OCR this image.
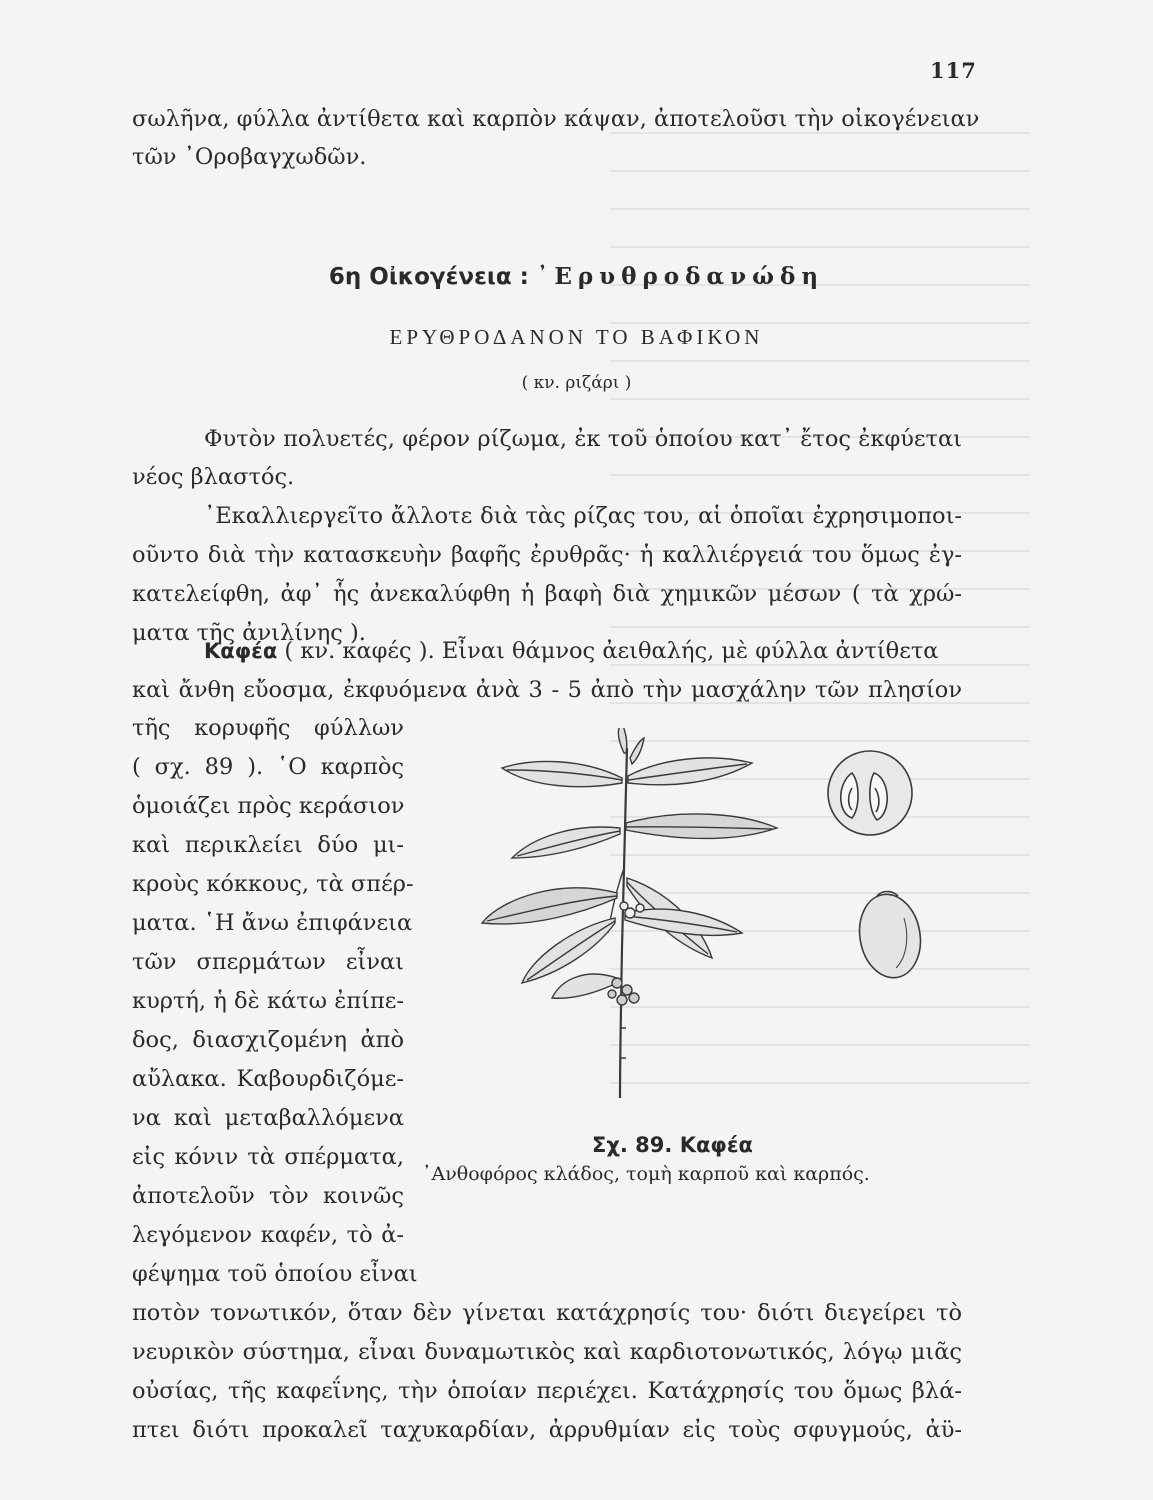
117
σωλῆνα, φύλλα ἀντίθετα καὶ καρπὸν κάψαν, ἀποτελοῦσι τὴν οἰκογένειαν
τῶν ᾿Οροβαγχωδῶν.
6η Οἰκογένεια : ᾿Ερυθροδανώδη
ΕΡΥΘΡΟΔΑΝΟΝ ΤΟ ΒΑΦΙΚΟΝ
( κν. ριζάρι )
Φυτὸν πολυετές, φέρον ρίζωμα, ἐκ τοῦ ὁποίου κατ᾿ ἔτος ἐκφύεται
νέος βλαστός.
᾿Εκαλλιεργεῖτο ἄλλοτε διὰ τὰς ρίζας του, αἱ ὁποῖαι ἐχρησιμοποι-
οῦντο διὰ τὴν κατασκευὴν βαφῆς ἐρυθρᾶς· ἡ καλλιέργειά του ὅμως ἐγ-
κατελείφθη, ἀφ᾿ ἧς ἀνεκαλύφθη ἡ βαφὴ διὰ χημικῶν μέσων ( τὰ χρώ-
ματα τῆς ἀνιλίνης ).
Καφέα ( κν. καφές ). Εἶναι θάμνος ἀειθαλής, μὲ φύλλα ἀντίθετα
καὶ ἄνθη εὔοσμα, ἐκφυόμενα ἀνὰ 3 - 5 ἀπὸ τὴν μασχάλην τῶν πλησίον
τῆς κορυφῆς φύλλων
( σχ. 89 ). ῾Ο καρπὸς
ὁμοιάζει πρὸς κεράσιον
καὶ περικλείει δύο μι-
κροὺς κόκκους, τὰ σπέρ-
ματα. ῾Η ἄνω ἐπιφάνεια
τῶν σπερμάτων εἶναι
κυρτή, ἡ δὲ κάτω ἐπίπε-
δος, διασχιζομένη ἀπὸ
αὔλακα. Καβουρδιζόμε-
να καὶ μεταβαλλόμενα
εἰς κόνιν τὰ σπέρματα,
ἀποτελοῦν τὸν κοινῶς
λεγόμενον καφέν, τὸ ἀ-
φέψημα τοῦ ὁποίου εἶναι
ποτὸν τονωτικόν, ὅταν δὲν γίνεται κατάχρησίς του· διότι διεγείρει τὸ
νευρικὸν σύστημα, εἶναι δυναμωτικὸς καὶ καρδιοτονωτικός, λόγῳ μιᾶς
οὐσίας, τῆς καφεΐνης, τὴν ὁποίαν περιέχει. Κατάχρησίς του ὅμως βλά-
πτει διότι προκαλεῖ ταχυκαρδίαν, ἀρρυθμίαν εἰς τοὺς σφυγμούς, ἀϋ-
Σχ. 89. Καφέα
᾿Ανθοφόρος κλάδος, τομὴ καρποῦ καὶ καρπός.
